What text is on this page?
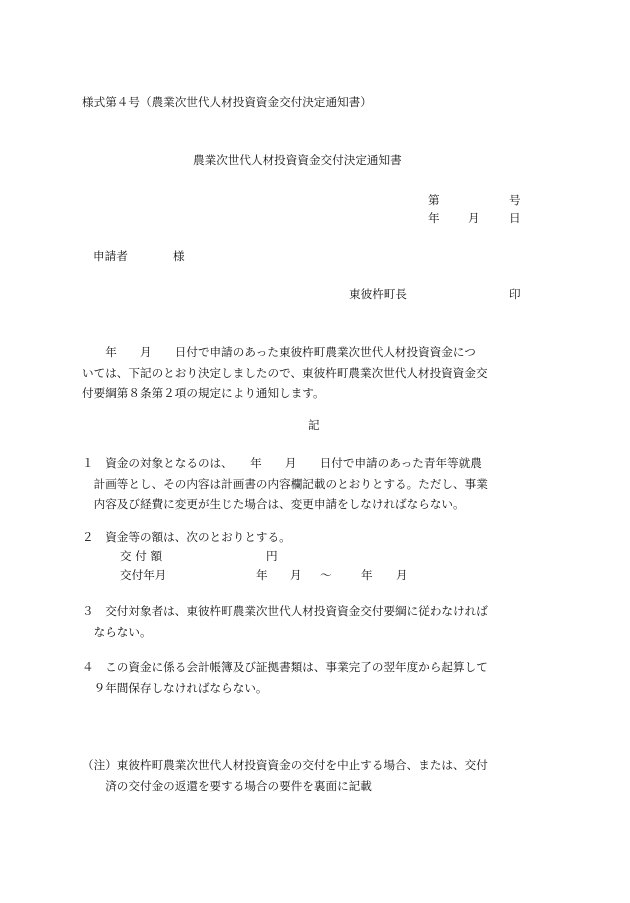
様式第４号（農業次世代人材投資資金交付決定通知書）
農業次世代人材投資資金交付決定通知書
第	号
年 月	日
申請者	様
東彼杵町長	印
　　年　　月　　日付で申請のあった東彼杵町農業次世代人材投資資金につ
いては、下記のとおり決定しましたので、東彼杵町農業次世代人材投資資金交
付要綱第８条第２項の規定により通知します。
記
１　資金の対象となるのは、　　年　　月　　日付で申請のあった青年等就農
　計画等とし、その内容は計画書の内容欄記載のとおりとする。ただし、事業
　内容及び経費に変更が生じた場合は、変更申請をしなければならない。
２　資金等の額は、次のとおりとする。
交 付 額	円
交付年月	年 月 ～	年 月
３　交付対象者は、東彼杵町農業次世代人材投資資金交付要綱に従わなければ
　ならない。
４　この資金に係る会計帳簿及び証拠書類は、事業完了の翌年度から起算して
　９年間保存しなければならない。
（注）東彼杵町農業次世代人材投資資金の交付を中止する場合、または、交付
　　済の交付金の返還を要する場合の要件を裏面に記載
